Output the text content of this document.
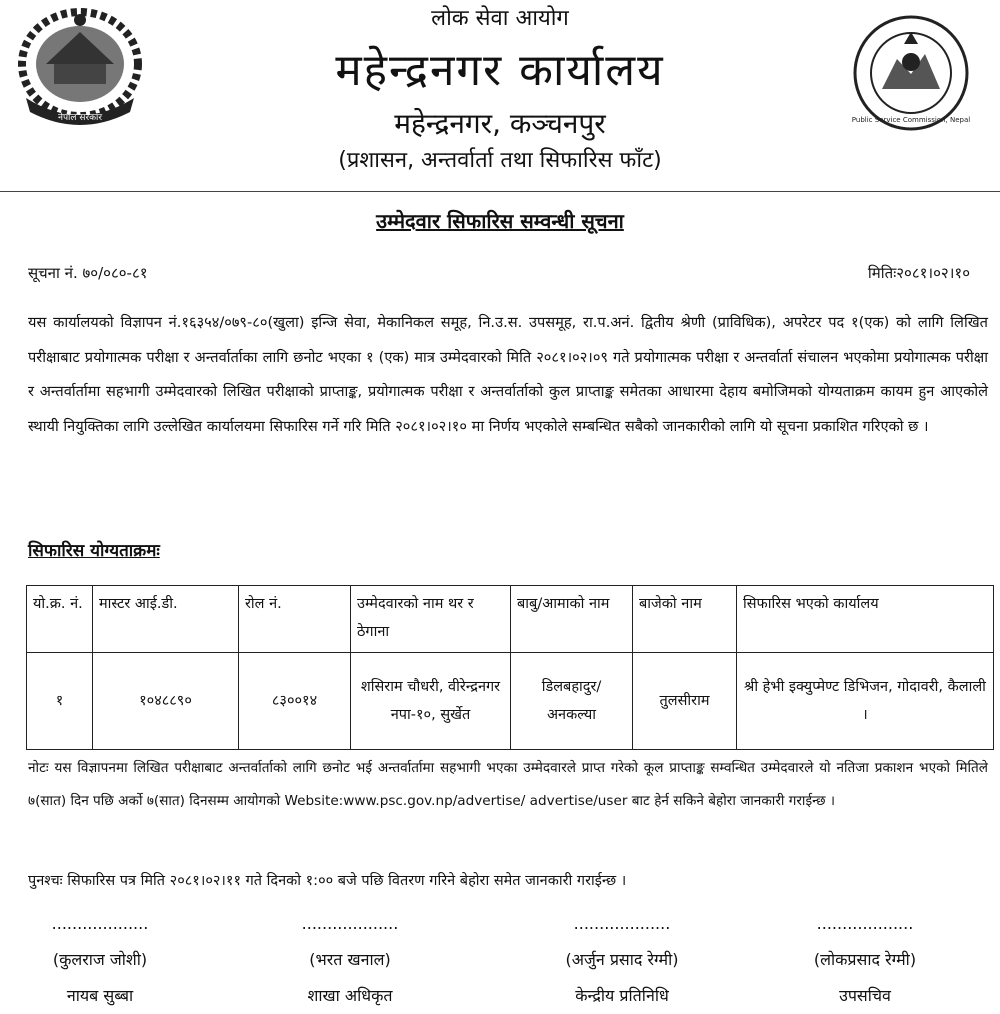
नेपाल सरकार
लोक सेवा आयोग
महेन्द्रनगर कार्यालय
महेन्द्रनगर, कञ्चनपुर
(प्रशासन, अन्तर्वार्ता तथा सिफारिस फाँट)
Public Service Commission, Nepal
उम्मेदवार सिफारिस सम्वन्धी सूचना
सूचना नं. ७०/०८०-८१	मितिः२०८१।०२।१०
यस कार्यालयको विज्ञापन नं.१६३५४/०७९-८०(खुला) इन्जि सेवा, मेकानिकल समूह, नि.उ.स. उपसमूह, रा.प.अनं. द्वितीय श्रेणी (प्राविधिक), अपरेटर पद १(एक) को लागि लिखित परीक्षाबाट प्रयोगात्मक परीक्षा र अन्तर्वार्ताका लागि छनोट भएका १ (एक) मात्र उम्मेदवारको मिति २०८१।०२।०९ गते प्रयोगात्मक परीक्षा र अन्तर्वार्ता संचालन भएकोमा प्रयोगात्मक परीक्षा र अन्तर्वार्तामा सहभागी उम्मेदवारको लिखित परीक्षाको प्राप्ताङ्क, प्रयोगात्मक परीक्षा र अन्तर्वार्ताको कुल प्राप्ताङ्क समेतका आधारमा देहाय बमोजिमको योग्यताक्रम कायम हुन आएकोले स्थायी नियुक्तिका लागि उल्लेखित कार्यालयमा सिफारिस गर्ने गरि मिति २०८१।०२।१० मा निर्णय भएकोले सम्बन्धित सबैको जानकारीको लागि यो सूचना प्रकाशित गरिएको छ ।
सिफारिस योग्यताक्रमः
यो.क्र. नं.	मास्टर आई.डी.	रोल नं.	उम्मेदवारको नाम थर र ठेगाना	बाबु/आमाको नाम	बाजेको नाम	सिफारिस भएको कार्यालय
१	१०४८८९०	८३००१४	शसिराम चौधरी, वीरेन्द्रनगर नपा-१०, सुर्खेत	डिलबहादुर/ अनकल्या	तुलसीराम	श्री हेभी इक्युप्मेण्ट डिभिजन, गोदावरी, कैलाली ।
नोटः यस विज्ञापनमा लिखित परीक्षाबाट अन्तर्वार्ताको लागि छनोट भई अन्तर्वार्तामा सहभागी भएका उम्मेदवारले प्राप्त गरेको कूल प्राप्ताङ्क सम्वन्धित उम्मेदवारले यो नतिजा प्रकाशन भएको मितिले ७(सात) दिन पछि अर्को ७(सात) दिनसम्म आयोगको Website:www.psc.gov.np/advertise/ advertise/user बाट हेर्न सकिने बेहोरा जानकारी गराईन्छ ।
पुनश्चः सिफारिस पत्र मिति २०८१।०२।११ गते दिनको १:०० बजे पछि वितरण गरिने बेहोरा समेत जानकारी गराईन्छ ।
...................
(कुलराज जोशी)
नायब सुब्बा
...................
(भरत खनाल)
शाखा अधिकृत
...................
(अर्जुन प्रसाद रेग्मी)
केन्द्रीय प्रतिनिधि
...................
(लोकप्रसाद रेग्मी)
उपसचिव
